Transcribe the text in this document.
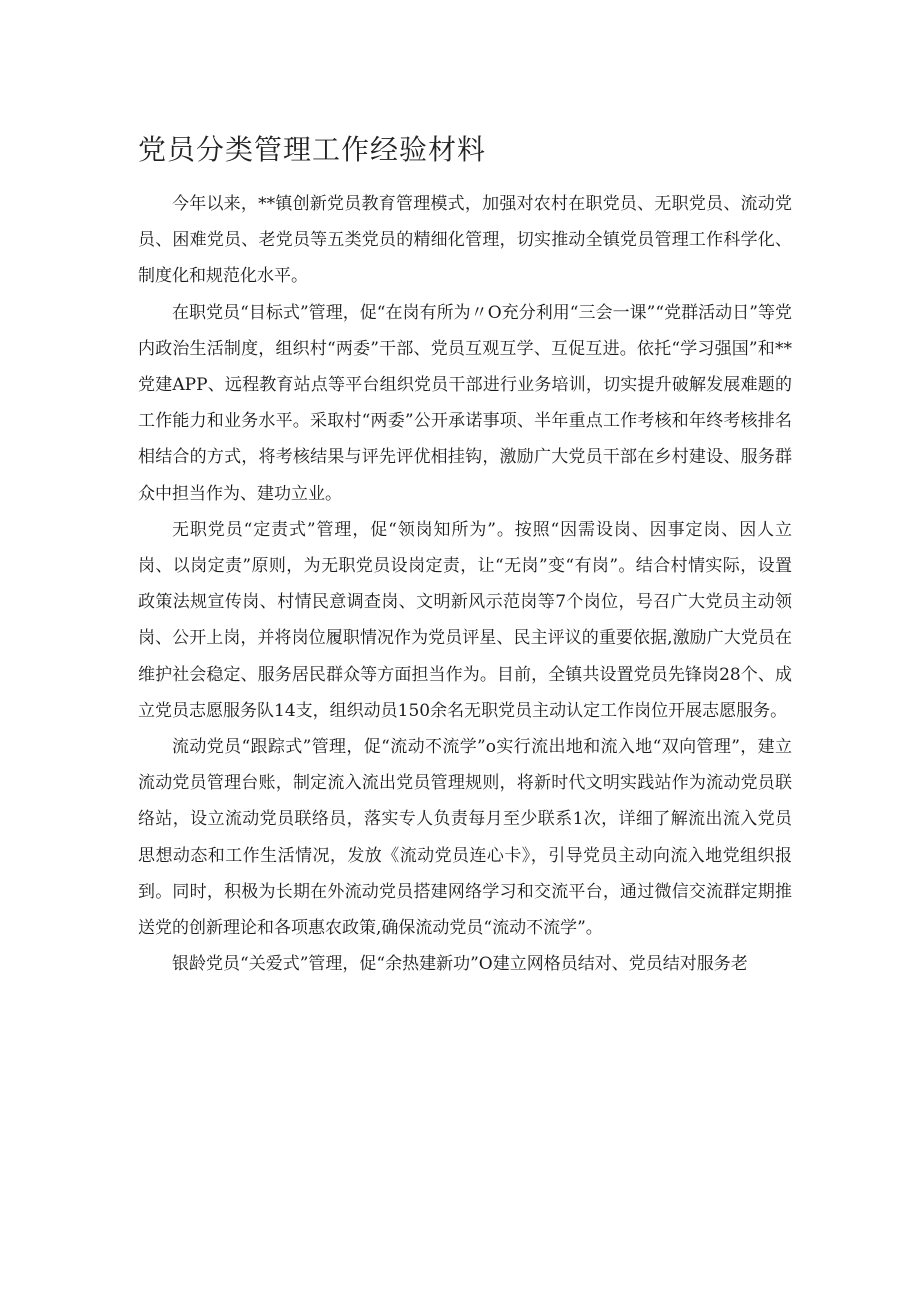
党员分类管理工作经验材料

今年以来，**镇创新党员教育管理模式，加强对农村在职党员、无职党员、流动党员、困难党员、老党员等五类党员的精细化管理，切实推动全镇党员管理工作科学化、制度化和规范化水平。

在职党员“目标式”管理，促“在岗有所为〃O充分利用“三会一课”“党群活动日”等党内政治生活制度，组织村“两委”干部、党员互观互学、互促互进。依托“学习强国”和**党建APP、远程教育站点等平台组织党员干部进行业务培训，切实提升破解发展难题的工作能力和业务水平。采取村“两委”公开承诺事项、半年重点工作考核和年终考核排名相结合的方式，将考核结果与评先评优相挂钩，激励广大党员干部在乡村建设、服务群众中担当作为、建功立业。

无职党员“定责式”管理，促“领岗知所为”。按照“因需设岗、因事定岗、因人立岗、以岗定责”原则，为无职党员设岗定责，让“无岗”变“有岗”。结合村情实际，设置政策法规宣传岗、村情民意调查岗、文明新风示范岗等7个岗位，号召广大党员主动领岗、公开上岗，并将岗位履职情况作为党员评星、民主评议的重要依据,激励广大党员在维护社会稳定、服务居民群众等方面担当作为。目前，全镇共设置党员先锋岗28个、成立党员志愿服务队14支，组织动员150余名无职党员主动认定工作岗位开展志愿服务。

流动党员“跟踪式”管理，促“流动不流学”o实行流出地和流入地“双向管理”，建立流动党员管理台账，制定流入流出党员管理规则，将新时代文明实践站作为流动党员联络站，设立流动党员联络员，落实专人负责每月至少联系1次，详细了解流出流入党员思想动态和工作生活情况，发放《流动党员连心卡》，引导党员主动向流入地党组织报到。同时，积极为长期在外流动党员搭建网络学习和交流平台，通过微信交流群定期推送党的创新理论和各项惠农政策,确保流动党员“流动不流学”。

银龄党员“关爱式”管理，促“余热建新功”O建立网格员结对、党员结对服务老
